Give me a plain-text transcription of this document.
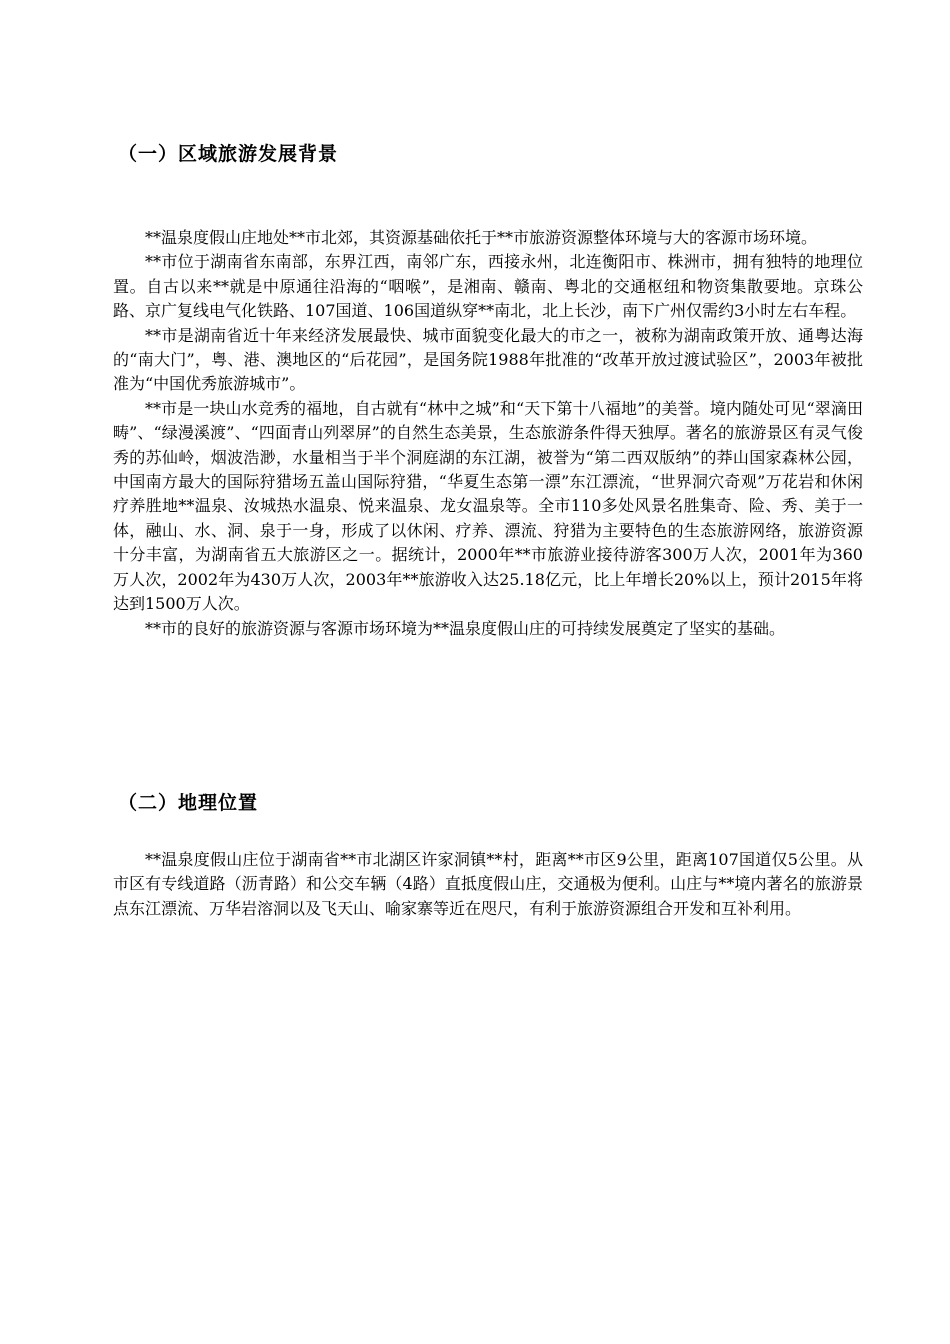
（一）区域旅游发展背景

**温泉度假山庄地处**市北郊，其资源基础依托于**市旅游资源整体环境与大的客源市场环境。

**市位于湖南省东南部，东界江西，南邻广东，西接永州，北连衡阳市、株洲市，拥有独特的地理位置。自古以来**就是中原通往沿海的“咽喉”，是湘南、赣南、粤北的交通枢纽和物资集散要地。京珠公路、京广复线电气化铁路、107国道、106国道纵穿**南北，北上长沙，南下广州仅需约3小时左右车程。

**市是湖南省近十年来经济发展最快、城市面貌变化最大的市之一，被称为湖南政策开放、通粤达海的“南大门”，粤、港、澳地区的“后花园”，是国务院1988年批准的“改革开放过渡试验区”，2003年被批准为“中国优秀旅游城市”。

**市是一块山水竞秀的福地，自古就有“林中之城”和“天下第十八福地”的美誉。境内随处可见“翠滴田畴”、“绿漫溪渡”、“四面青山列翠屏”的自然生态美景，生态旅游条件得天独厚。著名的旅游景区有灵气俊秀的苏仙岭，烟波浩渺，水量相当于半个洞庭湖的东江湖，被誉为“第二西双版纳”的莽山国家森林公园，中国南方最大的国际狩猎场五盖山国际狩猎，“华夏生态第一漂”东江漂流，“世界洞穴奇观”万花岩和休闲疗养胜地**温泉、汝城热水温泉、悦来温泉、龙女温泉等。全市110多处风景名胜集奇、险、秀、美于一体，融山、水、洞、泉于一身，形成了以休闲、疗养、漂流、狩猎为主要特色的生态旅游网络，旅游资源十分丰富，为湖南省五大旅游区之一。据统计，2000年**市旅游业接待游客300万人次，2001年为360万人次，2002年为430万人次，2003年**旅游收入达25.18亿元，比上年增长20%以上，预计2015年将达到1500万人次。

**市的良好的旅游资源与客源市场环境为**温泉度假山庄的可持续发展奠定了坚实的基础。

（二）地理位置

**温泉度假山庄位于湖南省**市北湖区许家洞镇**村，距离**市区9公里，距离107国道仅5公里。从市区有专线道路（沥青路）和公交车辆（4路）直抵度假山庄，交通极为便利。山庄与**境内著名的旅游景点东江漂流、万华岩溶洞以及飞天山、喻家寨等近在咫尺，有利于旅游资源组合开发和互补利用。
